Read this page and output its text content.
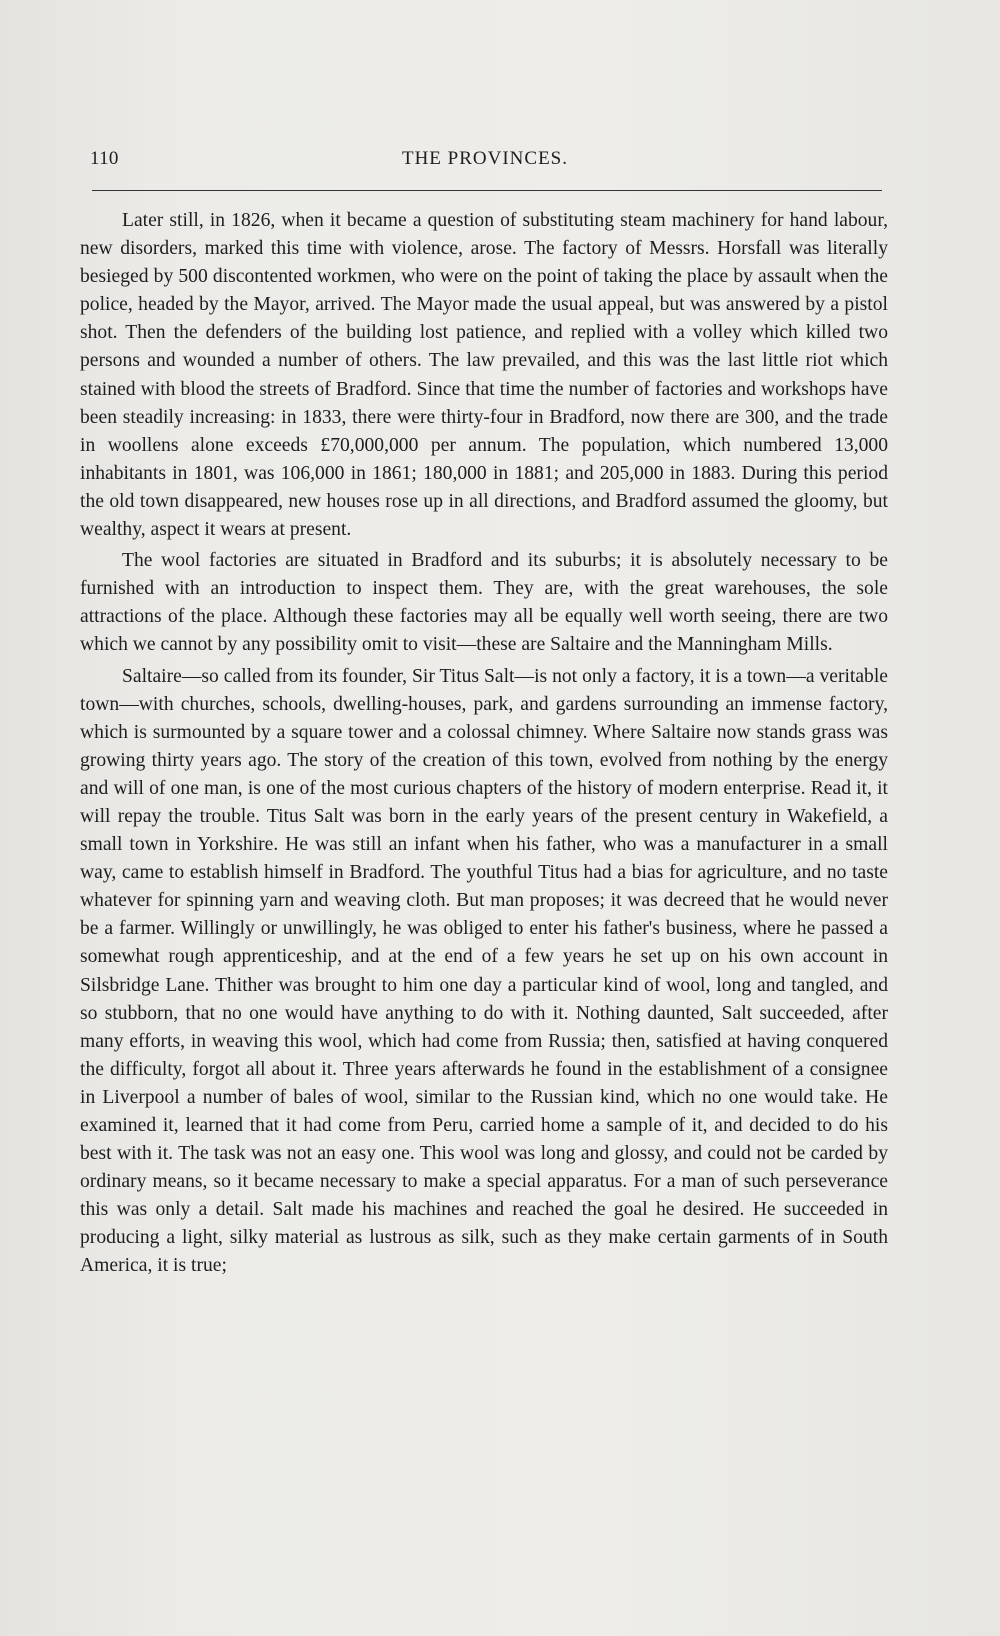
110	THE PROVINCES.

Later still, in 1826, when it became a question of substituting steam machinery for hand labour, new disorders, marked this time with violence, arose. The factory of Messrs. Horsfall was literally besieged by 500 discontented workmen, who were on the point of taking the place by assault when the police, headed by the Mayor, arrived. The Mayor made the usual appeal, but was answered by a pistol shot. Then the defenders of the building lost patience, and replied with a volley which killed two persons and wounded a number of others. The law prevailed, and this was the last little riot which stained with blood the streets of Bradford. Since that time the number of factories and workshops have been steadily increasing: in 1833, there were thirty-four in Bradford, now there are 300, and the trade in woollens alone exceeds £70,000,000 per annum. The population, which numbered 13,000 inhabitants in 1801, was 106,000 in 1861; 180,000 in 1881; and 205,000 in 1883. During this period the old town disappeared, new houses rose up in all directions, and Bradford assumed the gloomy, but wealthy, aspect it wears at present.

The wool factories are situated in Bradford and its suburbs; it is absolutely necessary to be furnished with an introduction to inspect them. They are, with the great warehouses, the sole attractions of the place. Although these factories may all be equally well worth seeing, there are two which we cannot by any possibility omit to visit—these are Saltaire and the Manningham Mills.

Saltaire—so called from its founder, Sir Titus Salt—is not only a factory, it is a town—a veritable town—with churches, schools, dwelling-houses, park, and gardens surrounding an immense factory, which is surmounted by a square tower and a colossal chimney. Where Saltaire now stands grass was growing thirty years ago. The story of the creation of this town, evolved from nothing by the energy and will of one man, is one of the most curious chapters of the history of modern enterprise. Read it, it will repay the trouble. Titus Salt was born in the early years of the present century in Wakefield, a small town in Yorkshire. He was still an infant when his father, who was a manufacturer in a small way, came to establish himself in Bradford. The youthful Titus had a bias for agriculture, and no taste whatever for spinning yarn and weaving cloth. But man proposes; it was decreed that he would never be a farmer. Willingly or unwillingly, he was obliged to enter his father's business, where he passed a somewhat rough apprenticeship, and at the end of a few years he set up on his own account in Silsbridge Lane. Thither was brought to him one day a particular kind of wool, long and tangled, and so stubborn, that no one would have anything to do with it. Nothing daunted, Salt succeeded, after many efforts, in weaving this wool, which had come from Russia; then, satisfied at having conquered the difficulty, forgot all about it. Three years afterwards he found in the establishment of a consignee in Liverpool a number of bales of wool, similar to the Russian kind, which no one would take. He examined it, learned that it had come from Peru, carried home a sample of it, and decided to do his best with it. The task was not an easy one. This wool was long and glossy, and could not be carded by ordinary means, so it became necessary to make a special apparatus. For a man of such perseverance this was only a detail. Salt made his machines and reached the goal he desired. He succeeded in producing a light, silky material as lustrous as silk, such as they make certain garments of in South America, it is true;
